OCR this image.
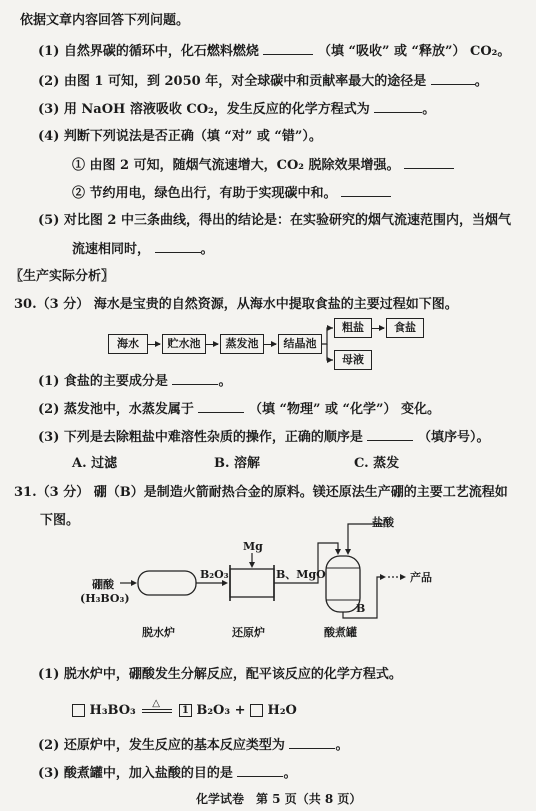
依据文章内容回答下列问题。
(1) 自然界碳的循环中，化石燃料燃烧	（填 “吸收” 或 “释放”） CO₂。
(2) 由图 1 可知，到 2050 年，对全球碳中和贡献率最大的途径是	。
(3) 用 NaOH 溶液吸收 CO₂，发生反应的化学方程式为	。
(4) 判断下列说法是否正确（填 “对” 或 “错”）。
① 由图 2 可知，随烟气流速增大，CO₂ 脱除效果增强。
② 节约用电，绿色出行，有助于实现碳中和。
(5) 对比图 2 中三条曲线，得出的结论是：在实验研究的烟气流速范围内，当烟气
流速相同时，	。
〖生产实际分析〗
30.（3 分） 海水是宝贵的自然资源，从海水中提取食盐的主要过程如下图。
海水	贮水池	蒸发池	结晶池
粗盐
母液
食盐
(1) 食盐的主要成分是	。
(2) 蒸发池中，水蒸发属于	（填 “物理” 或 “化学”） 变化。
(3) 下列是去除粗盐中难溶性杂质的操作，正确的顺序是	（填序号）。
A. 过滤	B. 溶解	C. 蒸发
31.（3 分） 硼（B）是制造火箭耐热合金的原料。镁还原法生产硼的主要工艺流程如
下图。
硼酸
(H₃BO₃)
B₂O₃
Mg
B、MgO
盐酸
B
产品
脱水炉	还原炉	酸煮罐
(1) 脱水炉中，硼酸发生分解反应，配平该反应的化学方程式。
H₃BO₃ △
1 B₂O₃ + H₂O
(2) 还原炉中，发生反应的基本反应类型为	。
(3) 酸煮罐中，加入盐酸的目的是	。
化学试卷　第 5 页（共 8 页）
